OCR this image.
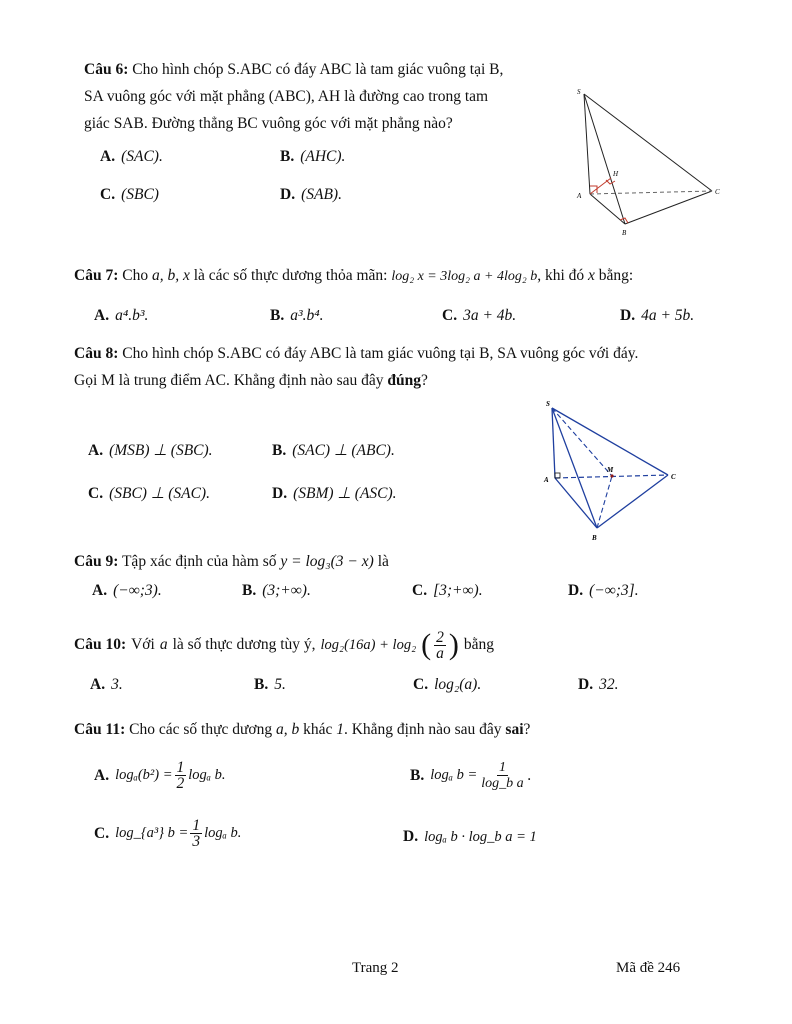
Câu 6: Cho hình chóp S.ABC có đáy ABC là tam giác vuông tại B,
SA vuông góc với mặt phẳng (ABC), AH là đường cao trong tam
giác SAB. Đường thẳng BC vuông góc với mặt phẳng nào?
A. (SAC).	B. (AHC).
C. (SBC)	D. (SAB).
S
H
A	C
B
Câu 7: Cho a, b, x là các số thực dương thỏa mãn: log₂ x = 3log₂ a + 4log₂ b, khi đó x bằng:
A. a⁴.b³.	B. a³.b⁴.	C. 3a + 4b.	D. 4a + 5b.
Câu 8: Cho hình chóp S.ABC có đáy ABC là tam giác vuông tại B, SA vuông góc với đáy.
Gọi M là trung điểm AC. Khẳng định nào sau đây đúng?
A. (MSB) ⊥ (SBC).	B. (SAC) ⊥ (ABC).
C. (SBC) ⊥ (SAC).	D. (SBM) ⊥ (ASC).
S
A
M
C
B
Câu 9: Tập xác định của hàm số y = log₃(3 − x) là
A. (−∞;3).	B. (3;+∞).	C. [3;+∞).	D. (−∞;3].
Câu 10: Với a là số thực dương tùy ý, log₂(16a) + log₂ ( $\frac{2}{a}$ ) bằng
A. 3.	B. 5.	C. log₂(a).	D. 32.
Câu 11: Cho các số thực dương a, b khác 1. Khẳng định nào sau đây sai?
A. $\log_a(b^2) = \frac{1}{2}$ logₐ b.	B. logₐ $b = \frac{1}{\text{log\_b a}}$ .
C. log_{a³} $b = \frac{1}{3}$ logₐ b.	D. logₐ b · log_b a = 1
Trang 2	Mã đề 246
